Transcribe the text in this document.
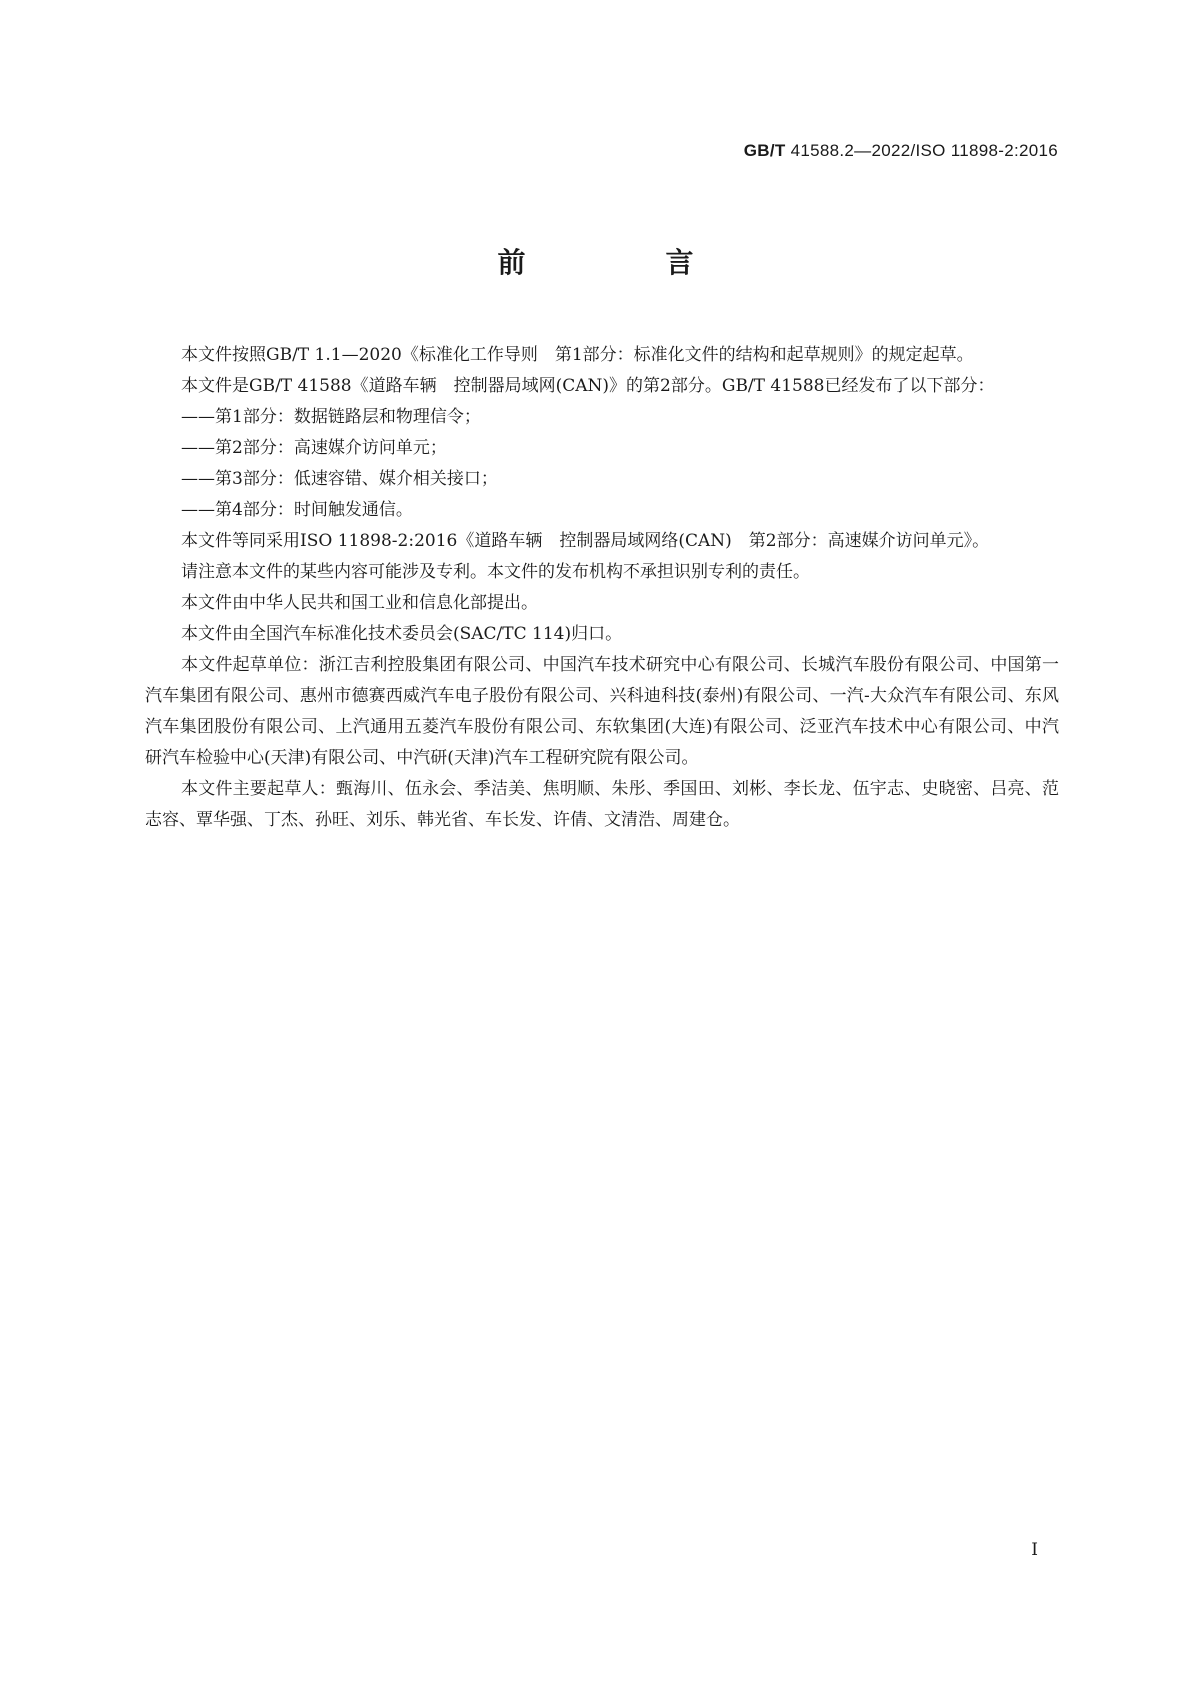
GB/T 41588.2—2022/ISO 11898-2:2016
前　言

本文件按照GB/T 1.1—2020《标准化工作导则　第1部分：标准化文件的结构和起草规则》的规定起草。

本文件是GB/T 41588《道路车辆　控制器局域网(CAN)》的第2部分。GB/T 41588已经发布了以下部分：

——第1部分：数据链路层和物理信令；

——第2部分：高速媒介访问单元；

——第3部分：低速容错、媒介相关接口；

——第4部分：时间触发通信。

本文件等同采用ISO 11898-2:2016《道路车辆　控制器局域网络(CAN)　第2部分：高速媒介访问单元》。

请注意本文件的某些内容可能涉及专利。本文件的发布机构不承担识别专利的责任。

本文件由中华人民共和国工业和信息化部提出。

本文件由全国汽车标准化技术委员会(SAC/TC 114)归口。

本文件起草单位：浙江吉利控股集团有限公司、中国汽车技术研究中心有限公司、长城汽车股份有限公司、中国第一汽车集团有限公司、惠州市德赛西威汽车电子股份有限公司、兴科迪科技(泰州)有限公司、一汽-大众汽车有限公司、东风汽车集团股份有限公司、上汽通用五菱汽车股份有限公司、东软集团(大连)有限公司、泛亚汽车技术中心有限公司、中汽研汽车检验中心(天津)有限公司、中汽研(天津)汽车工程研究院有限公司。

本文件主要起草人：甄海川、伍永会、季洁美、焦明顺、朱彤、季国田、刘彬、李长龙、伍宇志、史晓密、吕亮、范志容、覃华强、丁杰、孙旺、刘乐、韩光省、车长发、许倩、文清浩、周建仓。

I
